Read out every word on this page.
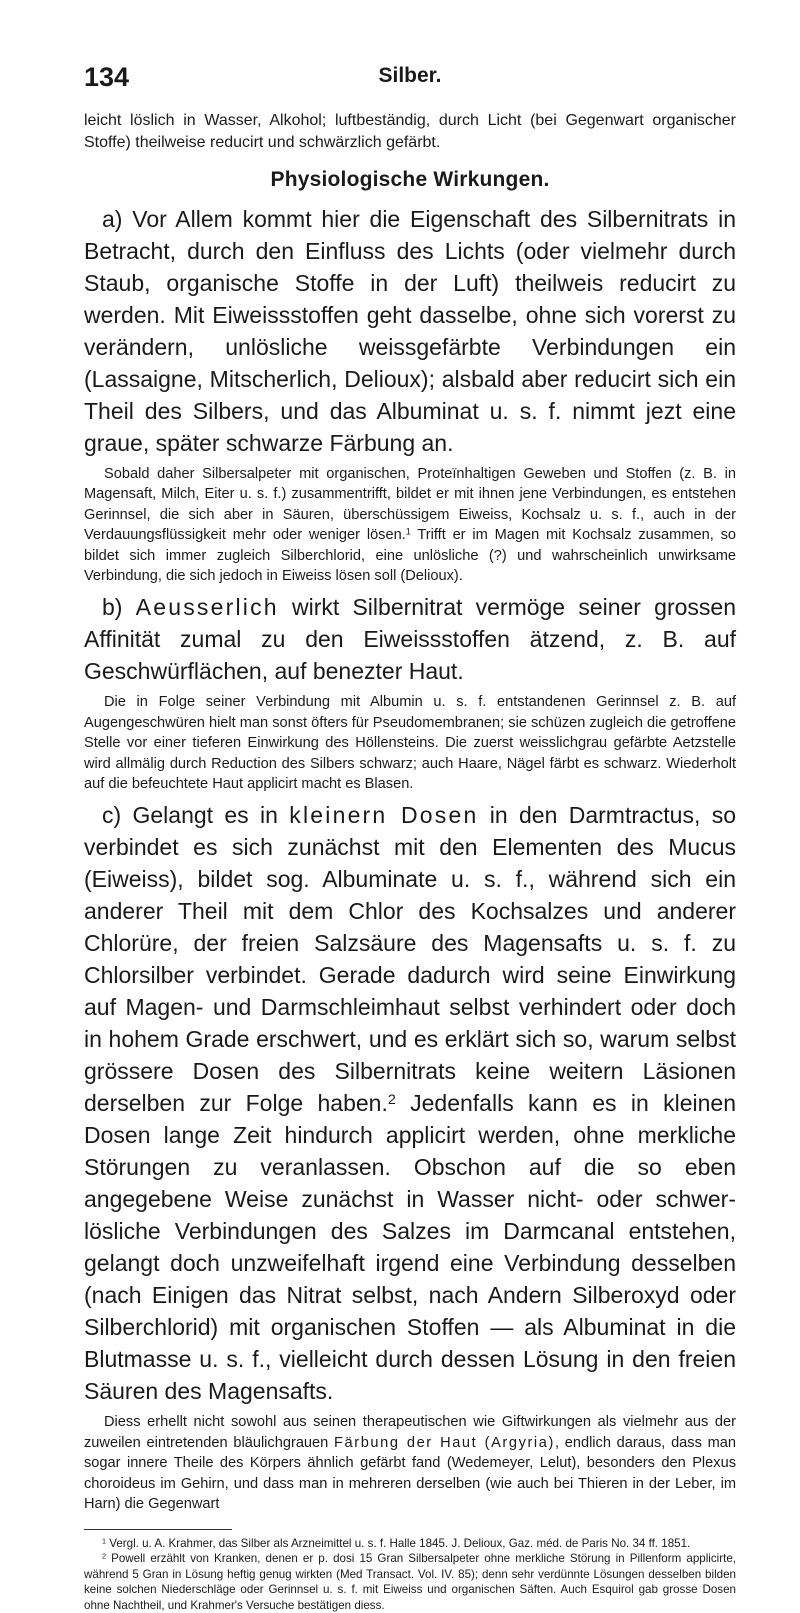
134	Silber.

leicht löslich in Wasser, Alkohol; luftbeständig, durch Licht (bei Gegenwart organischer Stoffe) theilweise reducirt und schwärzlich gefärbt.

Physiologische Wirkungen.

a) Vor Allem kommt hier die Eigenschaft des Silbernitrats in Betracht, durch den Einfluss des Lichts (oder vielmehr durch Staub, organische Stoffe in der Luft) theilweis reducirt zu werden. Mit Eiweissstoffen geht dasselbe, ohne sich vorerst zu verändern, unlösliche weissgefärbte Verbindungen ein (Lassaigne, Mitscherlich, Delioux); alsbald aber reducirt sich ein Theil des Silbers, und das Albuminat u. s. f. nimmt jezt eine graue, später schwarze Färbung an.

Sobald daher Silbersalpeter mit organischen, Proteïnhaltigen Geweben und Stoffen (z. B. in Magensaft, Milch, Eiter u. s. f.) zusammentrifft, bildet er mit ihnen jene Verbindungen, es entstehen Gerinnsel, die sich aber in Säuren, überschüssigem Eiweiss, Kochsalz u. s. f., auch in der Verdauungsflüssigkeit mehr oder weniger lösen.$^1$ Trifft er im Magen mit Kochsalz zusammen, so bildet sich immer zugleich Silberchlorid, eine unlösliche (?) und wahrscheinlich unwirksame Verbindung, die sich jedoch in Eiweiss lösen soll (Delioux).

b) Aeusserlich wirkt Silbernitrat vermöge seiner grossen Affinität zumal zu den Eiweissstoffen ätzend, z. B. auf Geschwürflächen, auf benezter Haut.

Die in Folge seiner Verbindung mit Albumin u. s. f. entstandenen Gerinnsel z. B. auf Augengeschwüren hielt man sonst öfters für Pseudomembranen; sie schüzen zugleich die getroffene Stelle vor einer tieferen Einwirkung des Höllensteins. Die zuerst weisslichgrau gefärbte Aetzstelle wird allmälig durch Reduction des Silbers schwarz; auch Haare, Nägel färbt es schwarz. Wiederholt auf die befeuchtete Haut applicirt macht es Blasen.

c) Gelangt es in kleinern Dosen in den Darmtractus, so verbindet es sich zunächst mit den Elementen des Mucus (Eiweiss), bildet sog. Albuminate u. s. f., während sich ein anderer Theil mit dem Chlor des Kochsalzes und anderer Chlorüre, der freien Salzsäure des Magensafts u. s. f. zu Chlorsilber verbindet. Gerade dadurch wird seine Einwirkung auf Magen- und Darmschleimhaut selbst verhindert oder doch in hohem Grade erschwert, und es erklärt sich so, warum selbst grössere Dosen des Silbernitrats keine weitern Läsionen derselben zur Folge haben.$^2$ Jedenfalls kann es in kleinen Dosen lange Zeit hindurch applicirt werden, ohne merkliche Störungen zu veranlassen. Obschon auf die so eben angegebene Weise zunächst in Wasser nicht- oder schwerlösliche Verbindungen des Salzes im Darmcanal entstehen, gelangt doch unzweifelhaft irgend eine Verbindung desselben (nach Einigen das Nitrat selbst, nach Andern Silberoxyd oder Silberchlorid) mit organischen Stoffen — als Albuminat in die Blutmasse u. s. f., vielleicht durch dessen Lösung in den freien Säuren des Magensafts.

Diess erhellt nicht sowohl aus seinen therapeutischen wie Giftwirkungen als vielmehr aus der zuweilen eintretenden bläulichgrauen Färbung der Haut (Argyria), endlich daraus, dass man sogar innere Theile des Körpers ähnlich gefärbt fand (Wedemeyer, Lelut), besonders den Plexus choroideus im Gehirn, und dass man in mehreren derselben (wie auch bei Thieren in der Leber, im Harn) die Gegenwart

$^1$ Vergl. u. A. Krahmer, das Silber als Arzneimittel u. s. f. Halle 1845. J. Delioux, Gaz. méd. de Paris No. 34 ff. 1851.

$^2$ Powell erzählt von Kranken, denen er p. dosi 15 Gran Silbersalpeter ohne merkliche Störung in Pillenform applicirte, während 5 Gran in Lösung heftig genug wirkten (Med Transact. Vol. IV. 85); denn sehr verdünnte Lösungen desselben bilden keine solchen Niederschläge oder Gerinnsel u. s. f. mit Eiweiss und organischen Säften. Auch Esquirol gab grosse Dosen ohne Nachtheil, und Krahmer's Versuche bestätigen diess.
